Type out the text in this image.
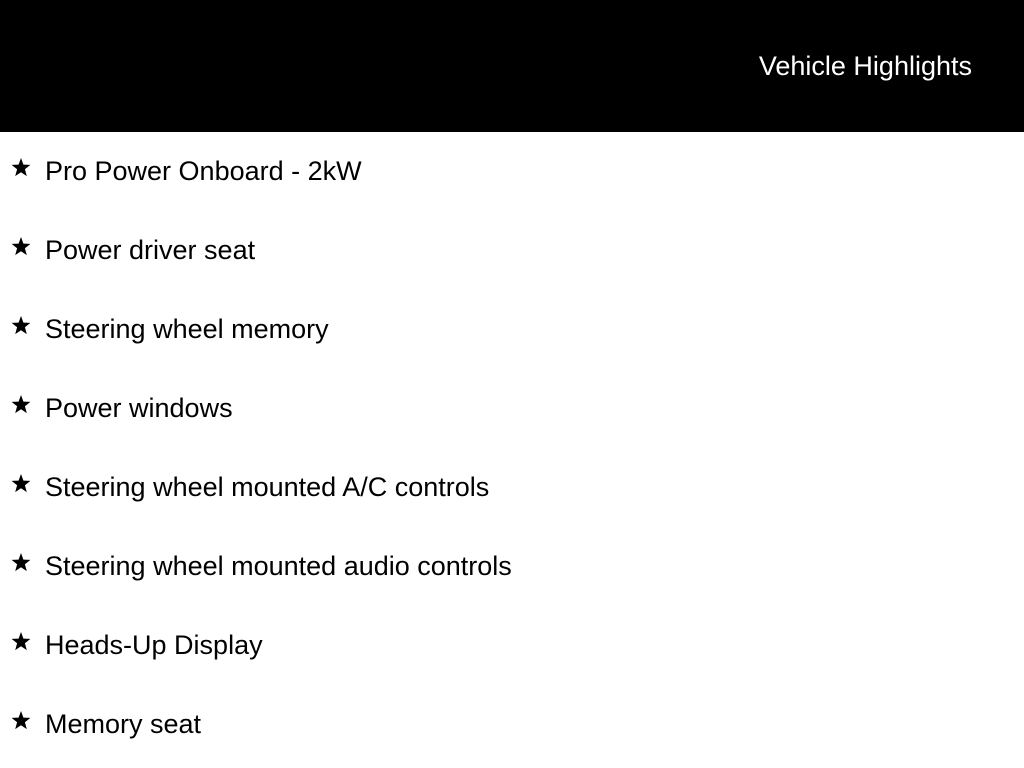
Vehicle Highlights
Pro Power Onboard - 2kW
Power driver seat
Steering wheel memory
Power windows
Steering wheel mounted A/C controls
Steering wheel mounted audio controls
Heads-Up Display
Memory seat
